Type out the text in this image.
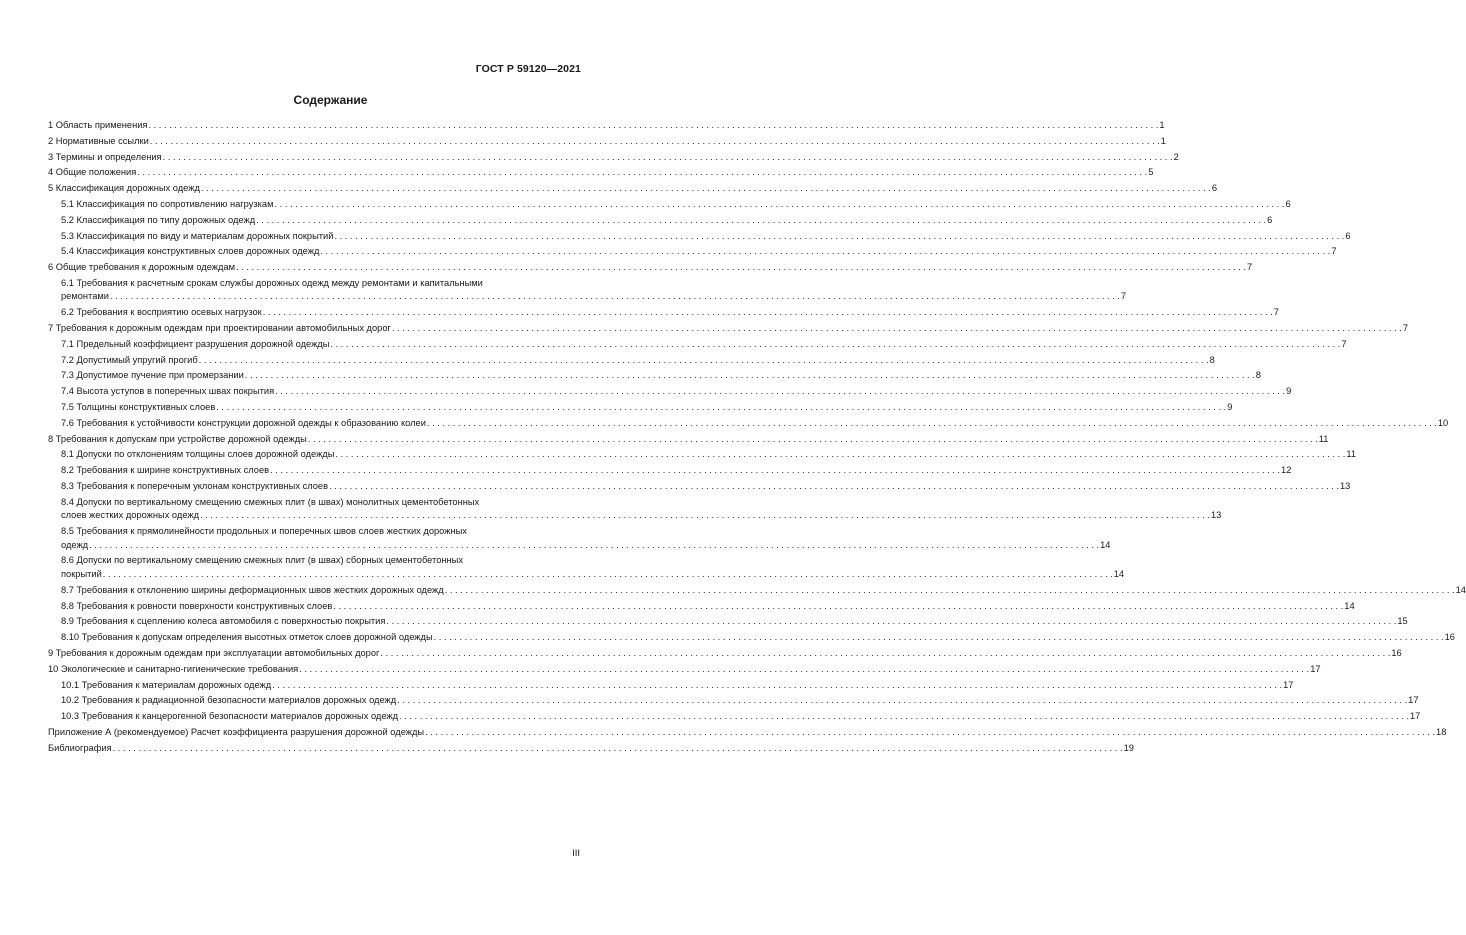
ГОСТ Р 59120—2021
Содержание
1 Область применения . . .	1
2 Нормативные ссылки . . .	1
3 Термины и определения . . .	2
4 Общие положения . . .	5
5 Классификация дорожных одежд . . .	6
5.1 Классификация по сопротивлению нагрузкам . . .	6
5.2 Классификация по типу дорожных одежд . . .	6
5.3 Классификация по виду и материалам дорожных покрытий . . .	6
5.4 Классификация конструктивных слоев дорожных одежд . . .	7
6 Общие требования к дорожным одеждам . . .	7
6.1 Требования к расчетным срокам службы дорожных одежд между ремонтами и капитальными
ремонтами . . .	7
6.2 Требования к восприятию осевых нагрузок . . .	7
7 Требования к дорожным одеждам при проектировании автомобильных дорог . . .	7
7.1 Предельный коэффициент разрушения дорожной одежды . . .	7
7.2 Допустимый упругий прогиб . . .	8
7.3 Допустимое пучение при промерзании . . .	8
7.4 Высота уступов в поперечных швах покрытия . . .	9
7.5 Толщины конструктивных слоев . . .	9
7.6 Требования к устойчивости конструкции дорожной одежды к образованию колеи . . .	10
8 Требования к допускам при устройстве дорожной одежды . . .	11
8.1 Допуски по отклонениям толщины слоев дорожной одежды . . .	11
8.2 Требования к ширине конструктивных слоев . . .	12
8.3 Требования к поперечным уклонам конструктивных слоев . . .	13
8.4 Допуски по вертикальному смещению смежных плит (в швах) монолитных цементобетонных
слоев жестких дорожных одежд . . .	13
8.5 Требования к прямолинейности продольных и поперечных швов слоев жестких дорожных
одежд . . .	14
8.6 Допуски по вертикальному смещению смежных плит (в швах) сборных цементобетонных
покрытий . . .	14
8.7 Требования к отклонению ширины деформационных швов жестких дорожных одежд . . .	14
8.8 Требования к ровности поверхности конструктивных слоев . . .	14
8.9 Требования к сцеплению колеса автомобиля с поверхностью покрытия . . .	15
8.10 Требования к допускам определения высотных отметок слоев дорожной одежды . . .	16
9 Требования к дорожным одеждам при эксплуатации автомобильных дорог . . .	16
10 Экологические и санитарно-гигиенические требования . . .	17
10.1 Требования к материалам дорожных одежд . . .	17
10.2 Требования к радиационной безопасности материалов дорожных одежд . . .	17
10.3 Требования к канцерогенной безопасности материалов дорожных одежд . . .	17
Приложение А (рекомендуемое) Расчет коэффициента разрушения дорожной одежды . . .	18
Библиография . . .	19
III
